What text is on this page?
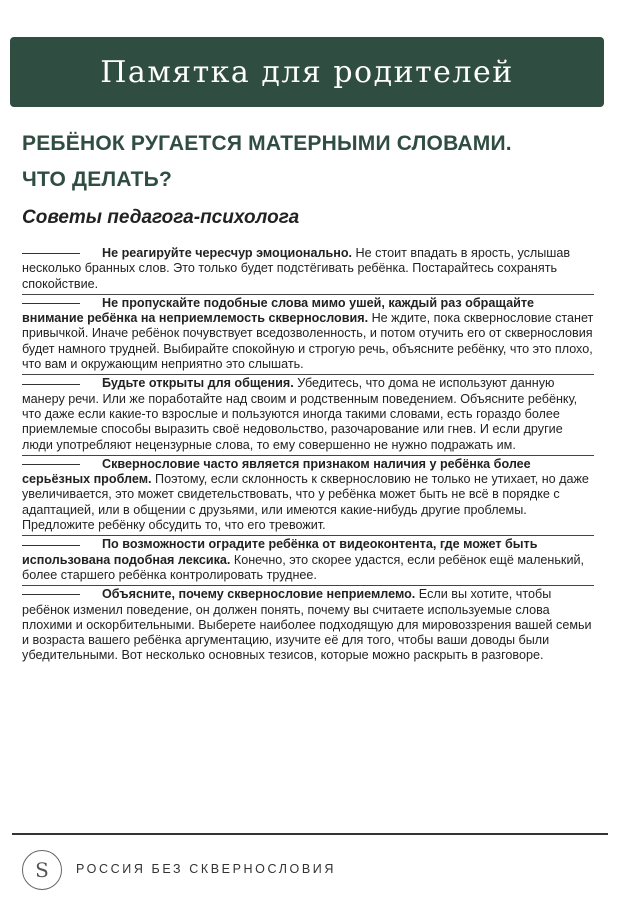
Памятка для родителей
РЕБЁНОК РУГАЕТСЯ МАТЕРНЫМИ СЛОВАМИ.
ЧТО ДЕЛАТЬ?
Советы педагога-психолога

Не реагируйте чересчур эмоционально. Не стоит впадать в ярость, услышав несколько бранных слов. Это только будет подстёгивать ребёнка. Постарайтесь сохранять спокойствие.

Не пропускайте подобные слова мимо ушей, каждый раз обращайте внимание ребёнка на неприемлемость сквернословия. Не ждите, пока сквернословие станет привычкой. Иначе ребёнок почувствует вседозволенность, и потом отучить его от сквернословия будет намного трудней. Выбирайте спокойную и строгую речь, объясните ребёнку, что это плохо, что вам и окружающим неприятно это слышать.

Будьте открыты для общения. Убедитесь, что дома не используют данную манеру речи. Или же поработайте над своим и родственным поведением. Объясните ребёнку, что даже если какие-то взрослые и пользуются иногда такими словами, есть гораздо более приемлемые способы выразить своё недовольство, разочарование или гнев. И если другие люди употребляют нецензурные слова, то ему совершенно не нужно подражать им.

Сквернословие часто является признаком наличия у ребёнка более серьёзных проблем. Поэтому, если склонность к сквернословию не только не утихает, но даже увеличивается, это может свидетельствовать, что у ребёнка может быть не всё в порядке с адаптацией, или в общении с друзьями, или имеются какие-нибудь другие проблемы. Предложите ребёнку обсудить то, что его тревожит.

По возможности оградите ребёнка от видеоконтента, где может быть использована подобная лексика. Конечно, это скорее удастся, если ребёнок ещё маленький, более старшего ребёнка контролировать труднее.

Объясните, почему сквернословие неприемлемо. Если вы хотите, чтобы ребёнок изменил поведение, он должен понять, почему вы считаете используемые слова плохими и оскорбительными. Выберете наиболее подходящую для мировоззрения вашей семьи и возраста вашего ребёнка аргументацию, изучите её для того, чтобы ваши доводы были убедительными. Вот несколько основных тезисов, которые можно раскрыть в разговоре.

S РОССИЯ БЕЗ СКВЕРНОСЛОВИЯ
